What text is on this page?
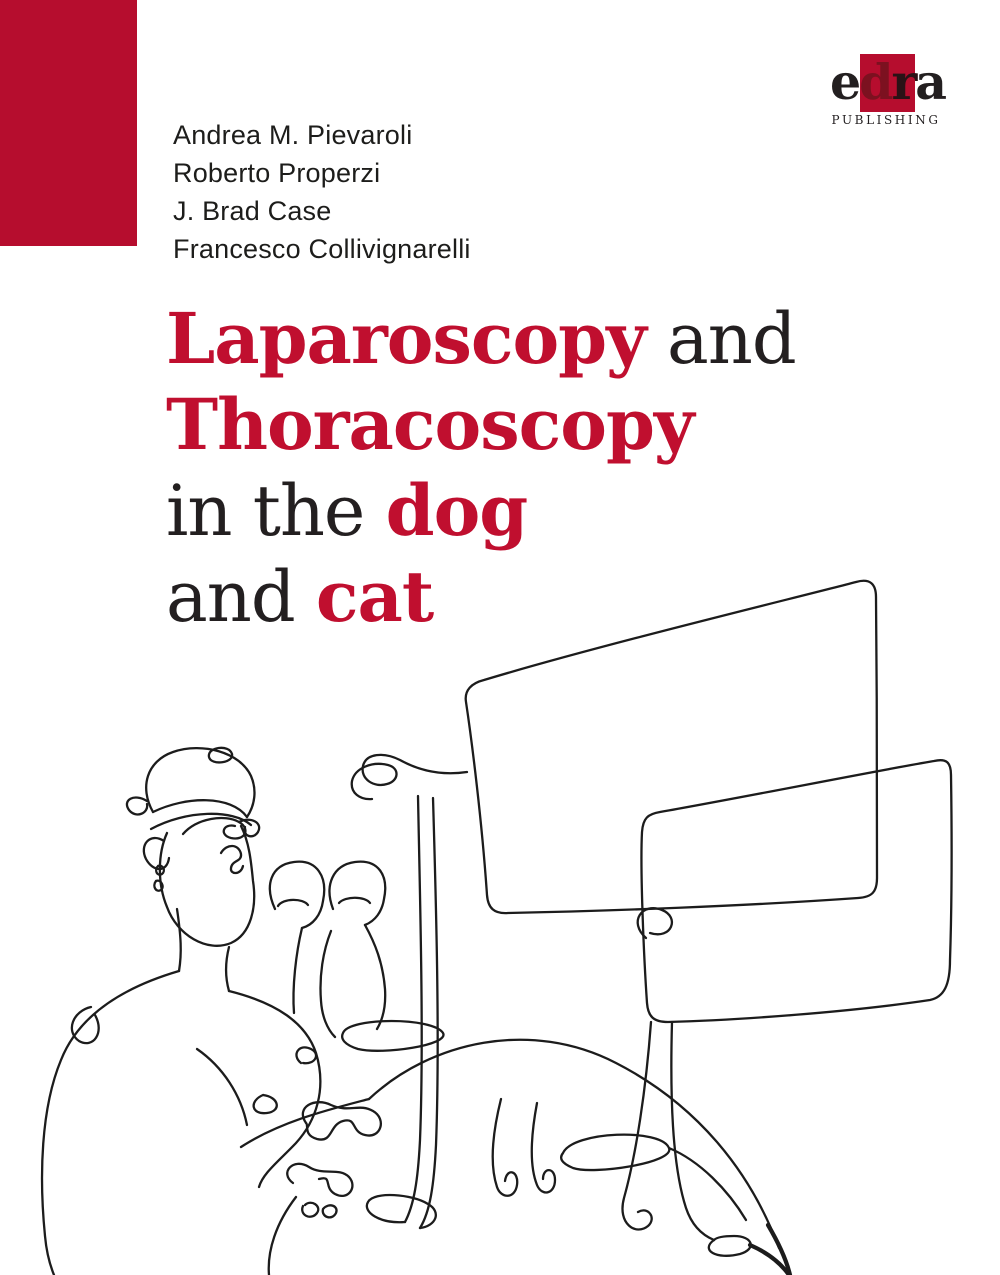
Andrea M. Pievaroli
Roberto Properzi
J. Brad Case
Francesco Collivignarelli
edra
PUBLISHING
Laparoscopy and
Thoracoscopy
in the dog
and cat
